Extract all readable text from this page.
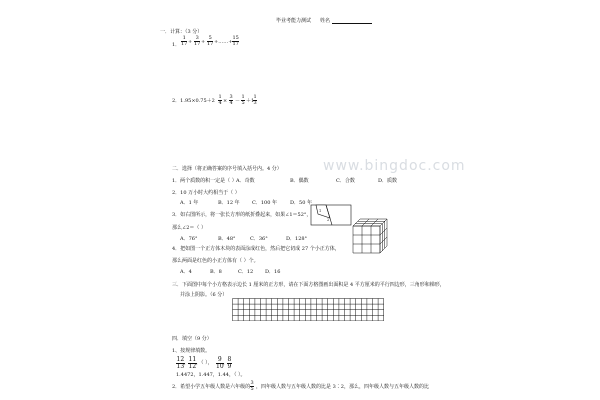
毕业考能力测试 姓名
一．计算：（3 分）
1． $\frac{1}{17} + \frac{3}{17} + \frac{5}{17}$ +……+ $\frac{15}{17}$
2．$1.95\times 0.75+2 \frac{1}{4} \times \frac{3}{4} - \frac{1}{5} +1$
$\frac{1}{3}$
二．选择（将正确答案的序号填入括号内。4 分）
1．两个质数的积一定是（ ） A．奇数	B．偶数	C．合数	D．质数
2．10 万小时大约相当于（ ）
A．1 年	B．12 年 C．100 年	D．50 年
3．如右图所示，将一张长方形的纸折叠起来，如果∠1＝52°，
那么∠2＝（ ）
A．76°	B．48°	C．36°	D．128°
1
2
4．把如图一个正方体木块的表面涂成红色，然后把它切成 27 个小正方体，
那么两面是红色的小正方体有（ ）个。
A．4	B．8	C．12 D．16
三．下面图中每个小方格表示边长 1 厘米的正方形，请在下面方格图画出面积是 4 平方厘米的平行四边形，三角形和梯形，
并涂上阴影。（6 分）
四．填空（9 分）
1、按规律填数。
$\frac{12}{13}$ ，
$\frac{11}{12}$ ，（ ）， $\frac{9}{10}$ ，
$\frac{8}{9}$
1.4472，1.447，1.44，（ ）。
2．希望小学五年级人数是六年级的 $\frac{3}{5}$ ，四年级人数与五年级人数的比是 3∶2，那么，四年级人数与五年级人数的比
www.bingdoc.com
